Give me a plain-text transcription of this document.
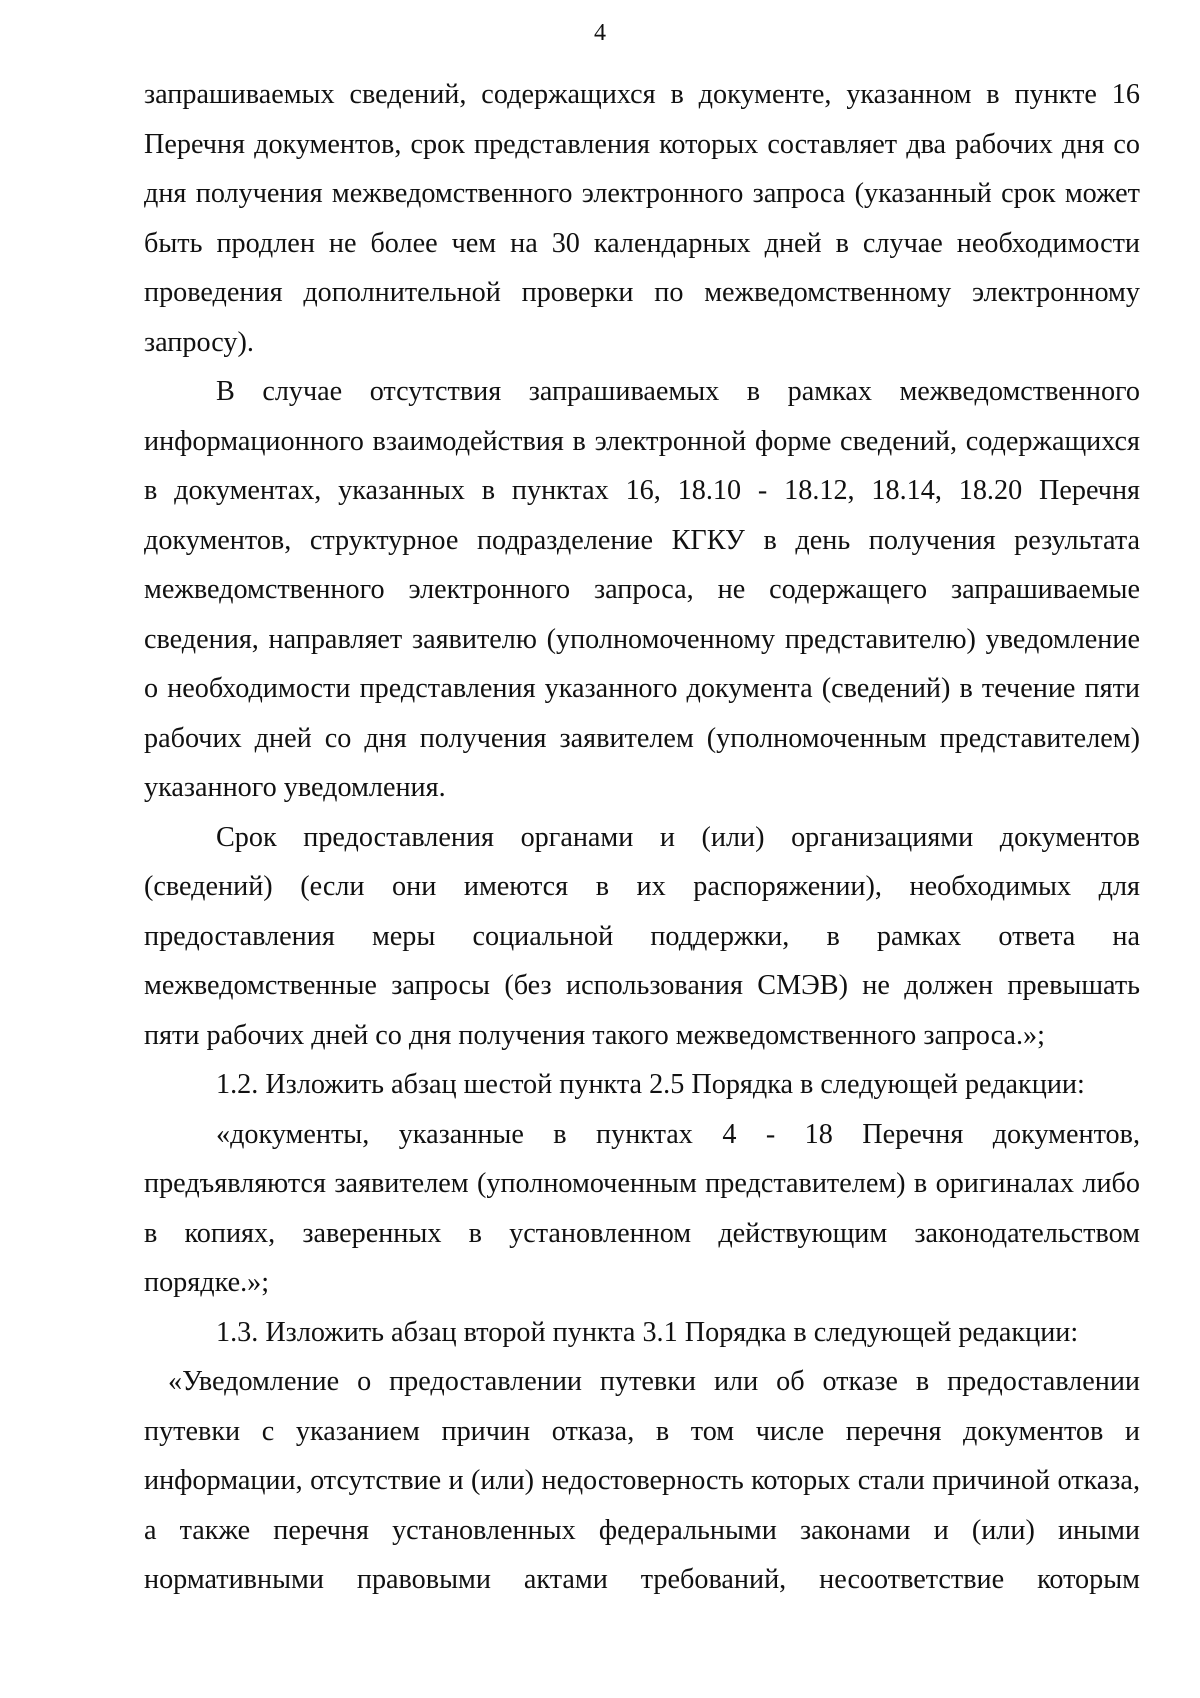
4

запрашиваемых сведений, содержащихся в документе, указанном в пункте 16 Перечня документов, срок представления которых составляет два рабочих дня со дня получения межведомственного электронного запроса (указанный срок может быть продлен не более чем на 30 календарных дней в случае необходимости проведения дополнительной проверки по межведомственному электронному запросу).

В случае отсутствия запрашиваемых в рамках межведомственного информационного взаимодействия в электронной форме сведений, содержащихся в документах, указанных в пунктах 16, 18.10 - 18.12, 18.14, 18.20 Перечня документов, структурное подразделение КГКУ в день получения результата межведомственного электронного запроса, не содержащего запрашиваемые сведения, направляет заявителю (уполномоченному представителю) уведомление о необходимости представления указанного документа (сведений) в течение пяти рабочих дней со дня получения заявителем (уполномоченным представителем) указанного уведомления.

Срок предоставления органами и (или) организациями документов (сведений) (если они имеются в их распоряжении), необходимых для предоставления меры социальной поддержки, в рамках ответа на межведомственные запросы (без использования СМЭВ) не должен превышать пяти рабочих дней со дня получения такого межведомственного запроса.»;

1.2. Изложить абзац шестой пункта 2.5 Порядка в следующей редакции:

«документы, указанные в пунктах 4 - 18 Перечня документов, предъявляются заявителем (уполномоченным представителем) в оригиналах либо в копиях, заверенных в установленном действующим законодательством порядке.»;

1.3. Изложить абзац второй пункта 3.1 Порядка в следующей редакции:

«Уведомление о предоставлении путевки или об отказе в предоставлении путевки с указанием причин отказа, в том числе перечня документов и информации, отсутствие и (или) недостоверность которых стали причиной отказа, а также перечня установленных федеральными законами и (или) иными нормативными правовыми актами требований, несоответствие которым
